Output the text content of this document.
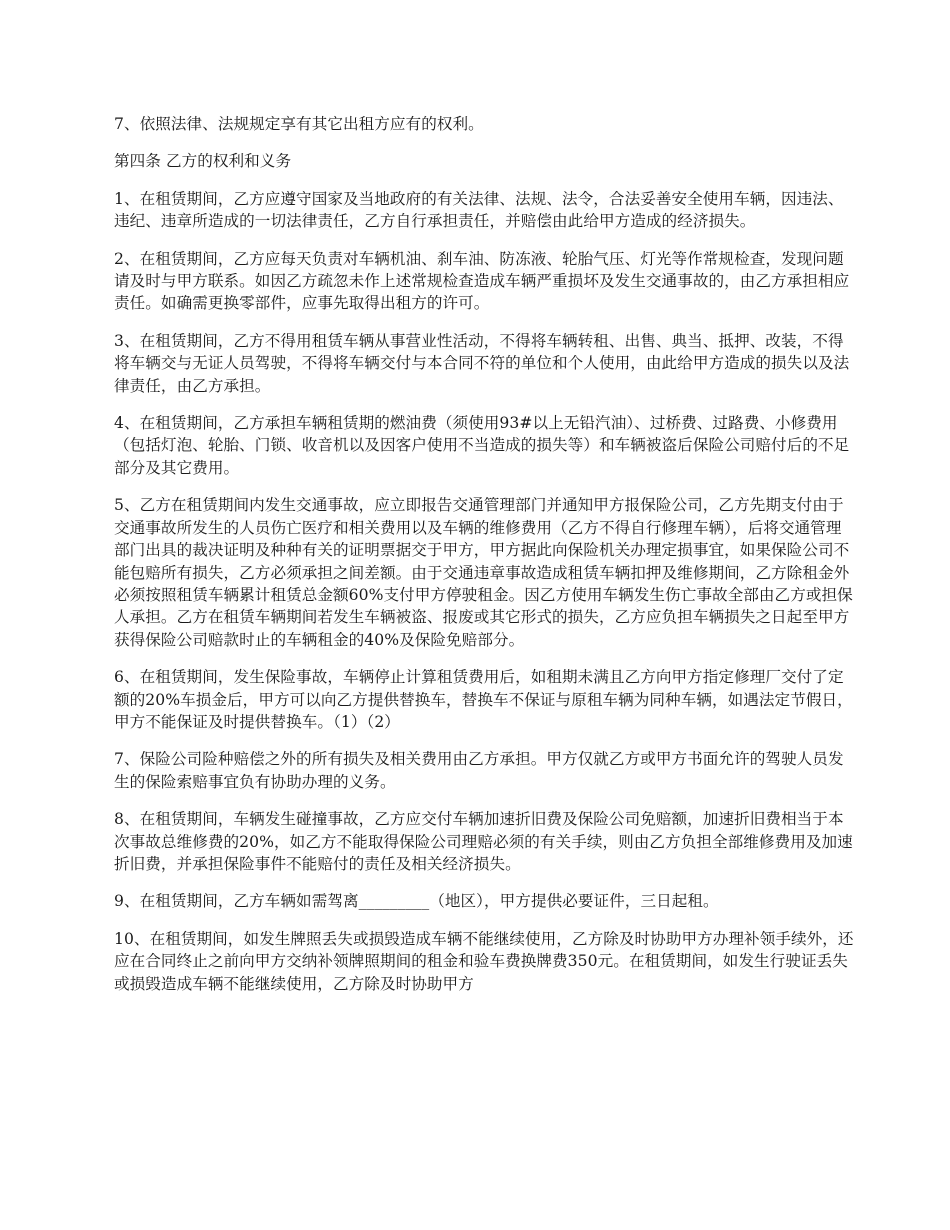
7、依照法律、法规规定享有其它出租方应有的权利。

第四条 乙方的权利和义务

1、在租赁期间，乙方应遵守国家及当地政府的有关法律、法规、法令，合法妥善安全使用车辆，因违法、违纪、违章所造成的一切法律责任，乙方自行承担责任，并赔偿由此给甲方造成的经济损失。

2、在租赁期间，乙方应每天负责对车辆机油、刹车油、防冻液、轮胎气压、灯光等作常规检查，发现问题请及时与甲方联系。如因乙方疏忽未作上述常规检查造成车辆严重损坏及发生交通事故的，由乙方承担相应责任。如确需更换零部件，应事先取得出租方的许可。

3、在租赁期间，乙方不得用租赁车辆从事营业性活动，不得将车辆转租、出售、典当、抵押、改装，不得将车辆交与无证人员驾驶，不得将车辆交付与本合同不符的单位和个人使用，由此给甲方造成的损失以及法律责任，由乙方承担。

4、在租赁期间，乙方承担车辆租赁期的燃油费（须使用93#以上无铅汽油）、过桥费、过路费、小修费用（包括灯泡、轮胎、门锁、收音机以及因客户使用不当造成的损失等）和车辆被盗后保险公司赔付后的不足部分及其它费用。

5、乙方在租赁期间内发生交通事故，应立即报告交通管理部门并通知甲方报保险公司，乙方先期支付由于交通事故所发生的人员伤亡医疗和相关费用以及车辆的维修费用（乙方不得自行修理车辆），后将交通管理部门出具的裁决证明及种种有关的证明票据交于甲方，甲方据此向保险机关办理定损事宜，如果保险公司不能包赔所有损失，乙方必须承担之间差额。由于交通违章事故造成租赁车辆扣押及维修期间，乙方除租金外必须按照租赁车辆累计租赁总金额60%支付甲方停驶租金。因乙方使用车辆发生伤亡事故全部由乙方或担保人承担。乙方在租赁车辆期间若发生车辆被盗、报废或其它形式的损失，乙方应负担车辆损失之日起至甲方获得保险公司赔款时止的车辆租金的40%及保险免赔部分。

6、在租赁期间，发生保险事故，车辆停止计算租赁费用后，如租期未满且乙方向甲方指定修理厂交付了定额的20%车损金后，甲方可以向乙方提供替换车，替换车不保证与原租车辆为同种车辆，如遇法定节假日，甲方不能保证及时提供替换车。（1）（2）

7、保险公司险种赔偿之外的所有损失及相关费用由乙方承担。甲方仅就乙方或甲方书面允许的驾驶人员发生的保险索赔事宜负有协助办理的义务。

8、在租赁期间，车辆发生碰撞事故，乙方应交付车辆加速折旧费及保险公司免赔额，加速折旧费相当于本次事故总维修费的20%，如乙方不能取得保险公司理赔必须的有关手续，则由乙方负担全部维修费用及加速折旧费，并承担保险事件不能赔付的责任及相关经济损失。

9、在租赁期间，乙方车辆如需驾离_________（地区），甲方提供必要证件，三日起租。

10、在租赁期间，如发生牌照丢失或损毁造成车辆不能继续使用，乙方除及时协助甲方办理补领手续外，还应在合同终止之前向甲方交纳补领牌照期间的租金和验车费换牌费350元。在租赁期间，如发生行驶证丢失或损毁造成车辆不能继续使用，乙方除及时协助甲方
